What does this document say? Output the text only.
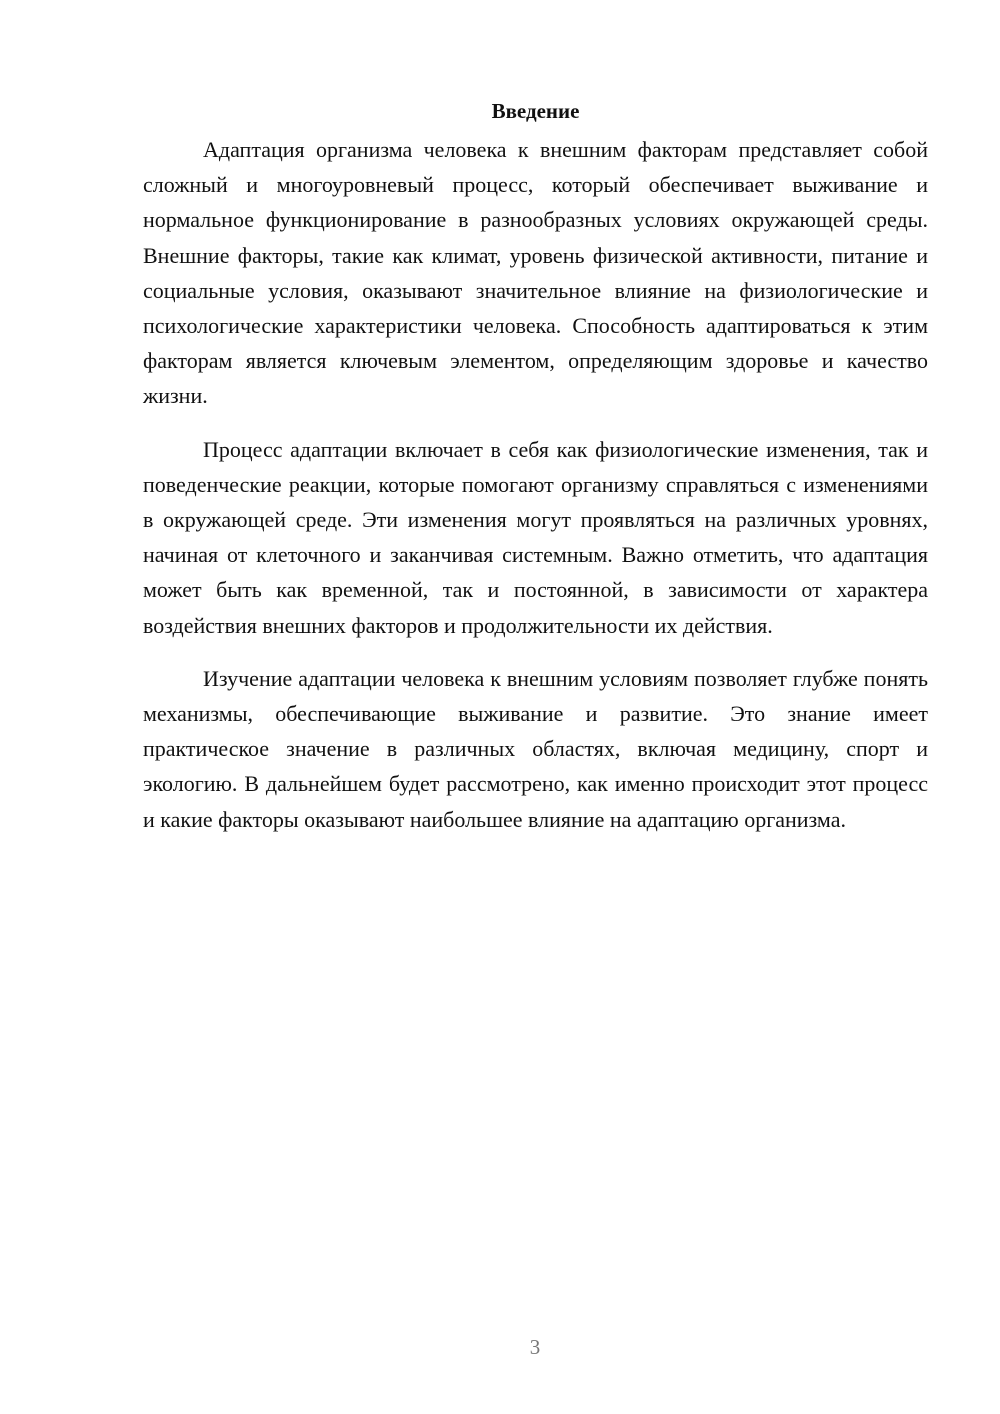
Введение

Адаптация организма человека к внешним факторам представляет собой сложный и многоуровневый процесс, который обеспечивает выживание и нормальное функционирование в разнообразных условиях окружающей среды. Внешние факторы, такие как климат, уровень физической активности, питание и социальные условия, оказывают значительное влияние на физиологические и психологические характеристики человека. Способность адаптироваться к этим факторам является ключевым элементом, определяющим здоровье и качество жизни.

Процесс адаптации включает в себя как физиологические изменения, так и поведенческие реакции, которые помогают организму справляться с изменениями в окружающей среде. Эти изменения могут проявляться на различных уровнях, начиная от клеточного и заканчивая системным. Важно отметить, что адаптация может быть как временной, так и постоянной, в зависимости от характера воздействия внешних факторов и продолжительности их действия.

Изучение адаптации человека к внешним условиям позволяет глубже понять механизмы, обеспечивающие выживание и развитие. Это знание имеет практическое значение в различных областях, включая медицину, спорт и экологию. В дальнейшем будет рассмотрено, как именно происходит этот процесс и какие факторы оказывают наибольшее влияние на адаптацию организма.

3
